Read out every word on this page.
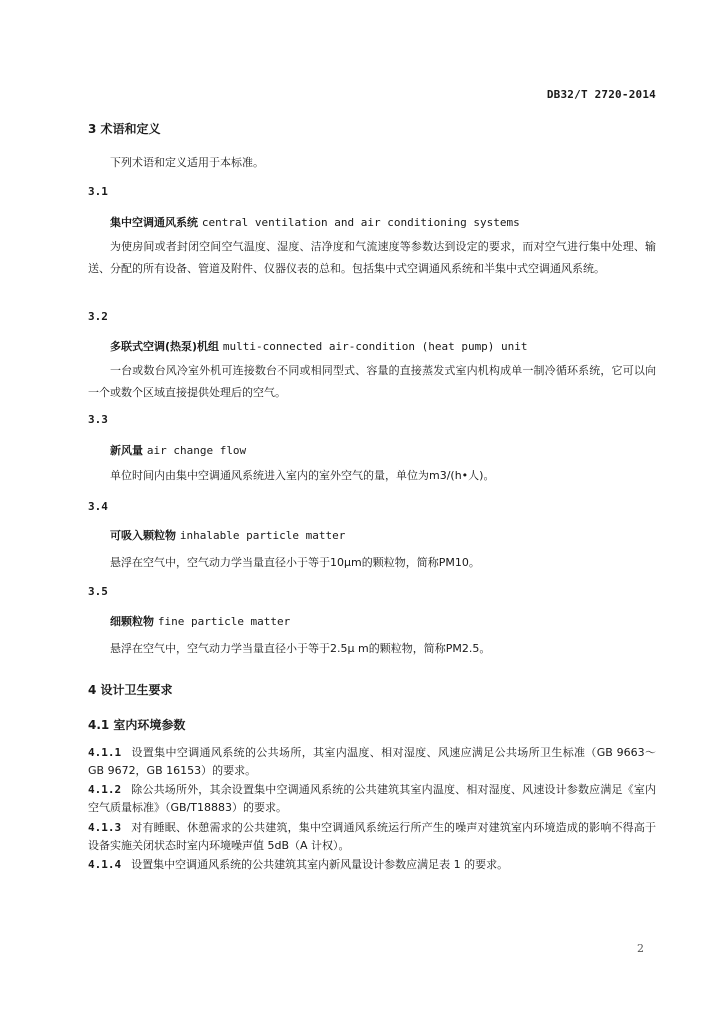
DB32/T 2720-2014
3 术语和定义
下列术语和定义适用于本标准。
3.1
集中空调通风系统 central ventilation and air conditioning systems
为使房间或者封闭空间空气温度、湿度、洁净度和气流速度等参数达到设定的要求，而对空气进行集中处理、输送、分配的所有设备、管道及附件、仪器仪表的总和。包括集中式空调通风系统和半集中式空调通风系统。
3.2
多联式空调(热泵)机组 multi-connected air-condition (heat pump) unit
一台或数台风冷室外机可连接数台不同或相同型式、容量的直接蒸发式室内机构成单一制冷循环系统，它可以向一个或数个区域直接提供处理后的空气。
3.3
新风量 air change flow
单位时间内由集中空调通风系统进入室内的室外空气的量，单位为m3/(h•人)。
3.4
可吸入颗粒物 inhalable particle matter
悬浮在空气中，空气动力学当量直径小于等于10μm的颗粒物，简称PM10。
3.5
细颗粒物 fine particle matter
悬浮在空气中，空气动力学当量直径小于等于2.5μ m的颗粒物，简称PM2.5。
4 设计卫生要求
4.1 室内环境参数
4.1.1 设置集中空调通风系统的公共场所，其室内温度、相对湿度、风速应满足公共场所卫生标准（GB 9663～GB 9672，GB 16153）的要求。
4.1.2 除公共场所外，其余设置集中空调通风系统的公共建筑其室内温度、相对湿度、风速设计参数应满足《室内空气质量标准》（GB/T18883）的要求。
4.1.3 对有睡眠、休憩需求的公共建筑，集中空调通风系统运行所产生的噪声对建筑室内环境造成的影响不得高于设备实施关闭状态时室内环境噪声值 5dB（A 计权）。
4.1.4 设置集中空调通风系统的公共建筑其室内新风量设计参数应满足表 1 的要求。
2
